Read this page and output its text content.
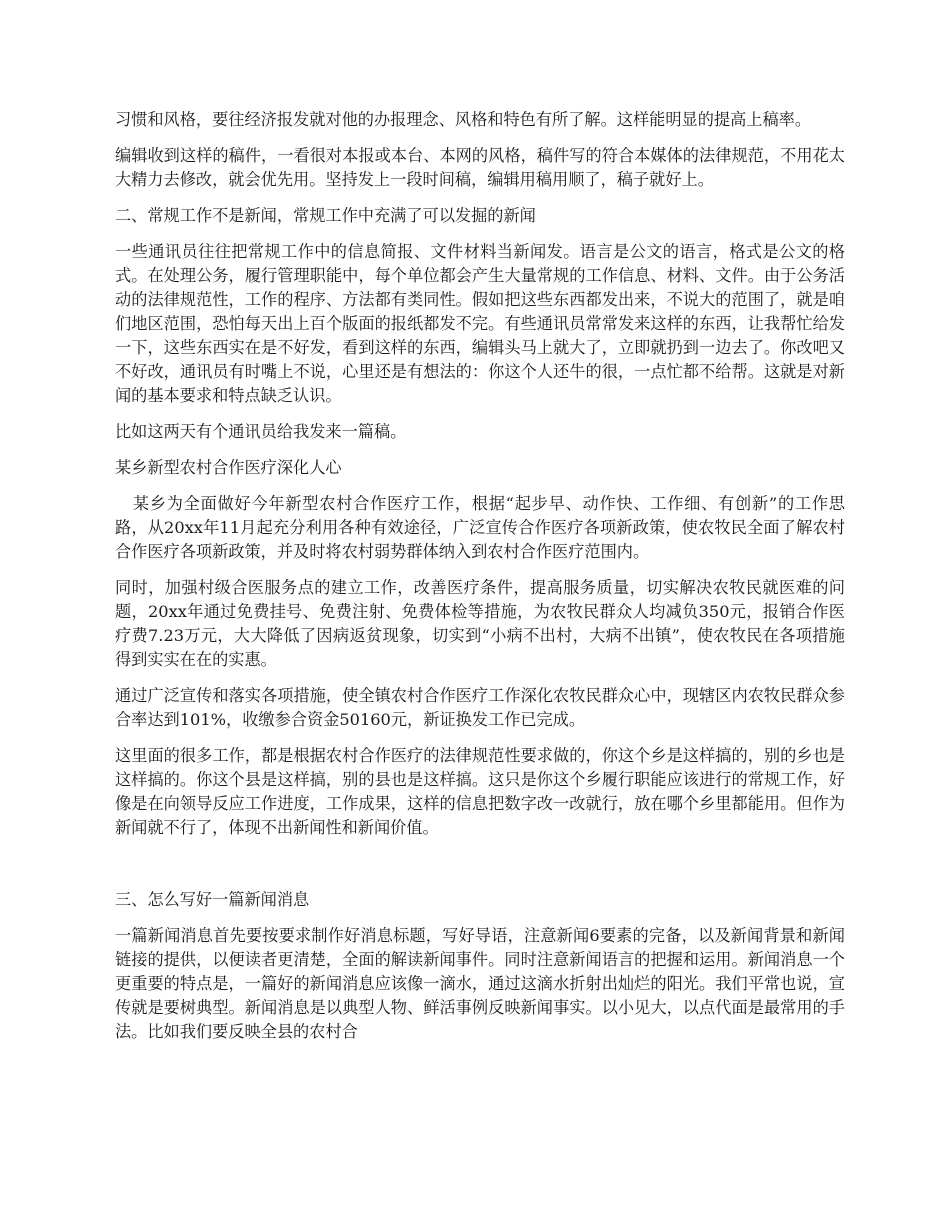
习惯和风格，要往经济报发就对他的办报理念、风格和特色有所了解。这样能明显的提高上稿率。

编辑收到这样的稿件，一看很对本报或本台、本网的风格，稿件写的符合本媒体的法律规范，不用花太大精力去修改，就会优先用。坚持发上一段时间稿，编辑用稿用顺了，稿子就好上。

二、常规工作不是新闻，常规工作中充满了可以发掘的新闻

一些通讯员往往把常规工作中的信息简报、文件材料当新闻发。语言是公文的语言，格式是公文的格式。在处理公务，履行管理职能中，每个单位都会产生大量常规的工作信息、材料、文件。由于公务活动的法律规范性，工作的程序、方法都有类同性。假如把这些东西都发出来，不说大的范围了，就是咱们地区范围，恐怕每天出上百个版面的报纸都发不完。有些通讯员常常发来这样的东西，让我帮忙给发一下，这些东西实在是不好发，看到这样的东西，编辑头马上就大了，立即就扔到一边去了。你改吧又不好改，通讯员有时嘴上不说，心里还是有想法的：你这个人还牛的很，一点忙都不给帮。这就是对新闻的基本要求和特点缺乏认识。

比如这两天有个通讯员给我发来一篇稿。

某乡新型农村合作医疗深化人心

某乡为全面做好今年新型农村合作医疗工作，根据“起步早、动作快、工作细、有创新”的工作思路，从20xx年11月起充分利用各种有效途径，广泛宣传合作医疗各项新政策，使农牧民全面了解农村合作医疗各项新政策，并及时将农村弱势群体纳入到农村合作医疗范围内。

同时，加强村级合医服务点的建立工作，改善医疗条件，提高服务质量，切实解决农牧民就医难的问题，20xx年通过免费挂号、免费注射、免费体检等措施，为农牧民群众人均减负350元，报销合作医疗费7.23万元，大大降低了因病返贫现象，切实到“小病不出村，大病不出镇”，使农牧民在各项措施得到实实在在的实惠。

通过广泛宣传和落实各项措施，使全镇农村合作医疗工作深化农牧民群众心中，现辖区内农牧民群众参合率达到101%，收缴参合资金50160元，新证换发工作已完成。

这里面的很多工作，都是根据农村合作医疗的法律规范性要求做的，你这个乡是这样搞的，别的乡也是这样搞的。你这个县是这样搞，别的县也是这样搞。这只是你这个乡履行职能应该进行的常规工作，好像是在向领导反应工作进度，工作成果，这样的信息把数字改一改就行，放在哪个乡里都能用。但作为新闻就不行了，体现不出新闻性和新闻价值。

三、怎么写好一篇新闻消息

一篇新闻消息首先要按要求制作好消息标题，写好导语，注意新闻6要素的完备，以及新闻背景和新闻链接的提供，以便读者更清楚，全面的解读新闻事件。同时注意新闻语言的把握和运用。新闻消息一个更重要的特点是，一篇好的新闻消息应该像一滴水，通过这滴水折射出灿烂的阳光。我们平常也说，宣传就是要树典型。新闻消息是以典型人物、鲜活事例反映新闻事实。以小见大，以点代面是最常用的手法。比如我们要反映全县的农村合
